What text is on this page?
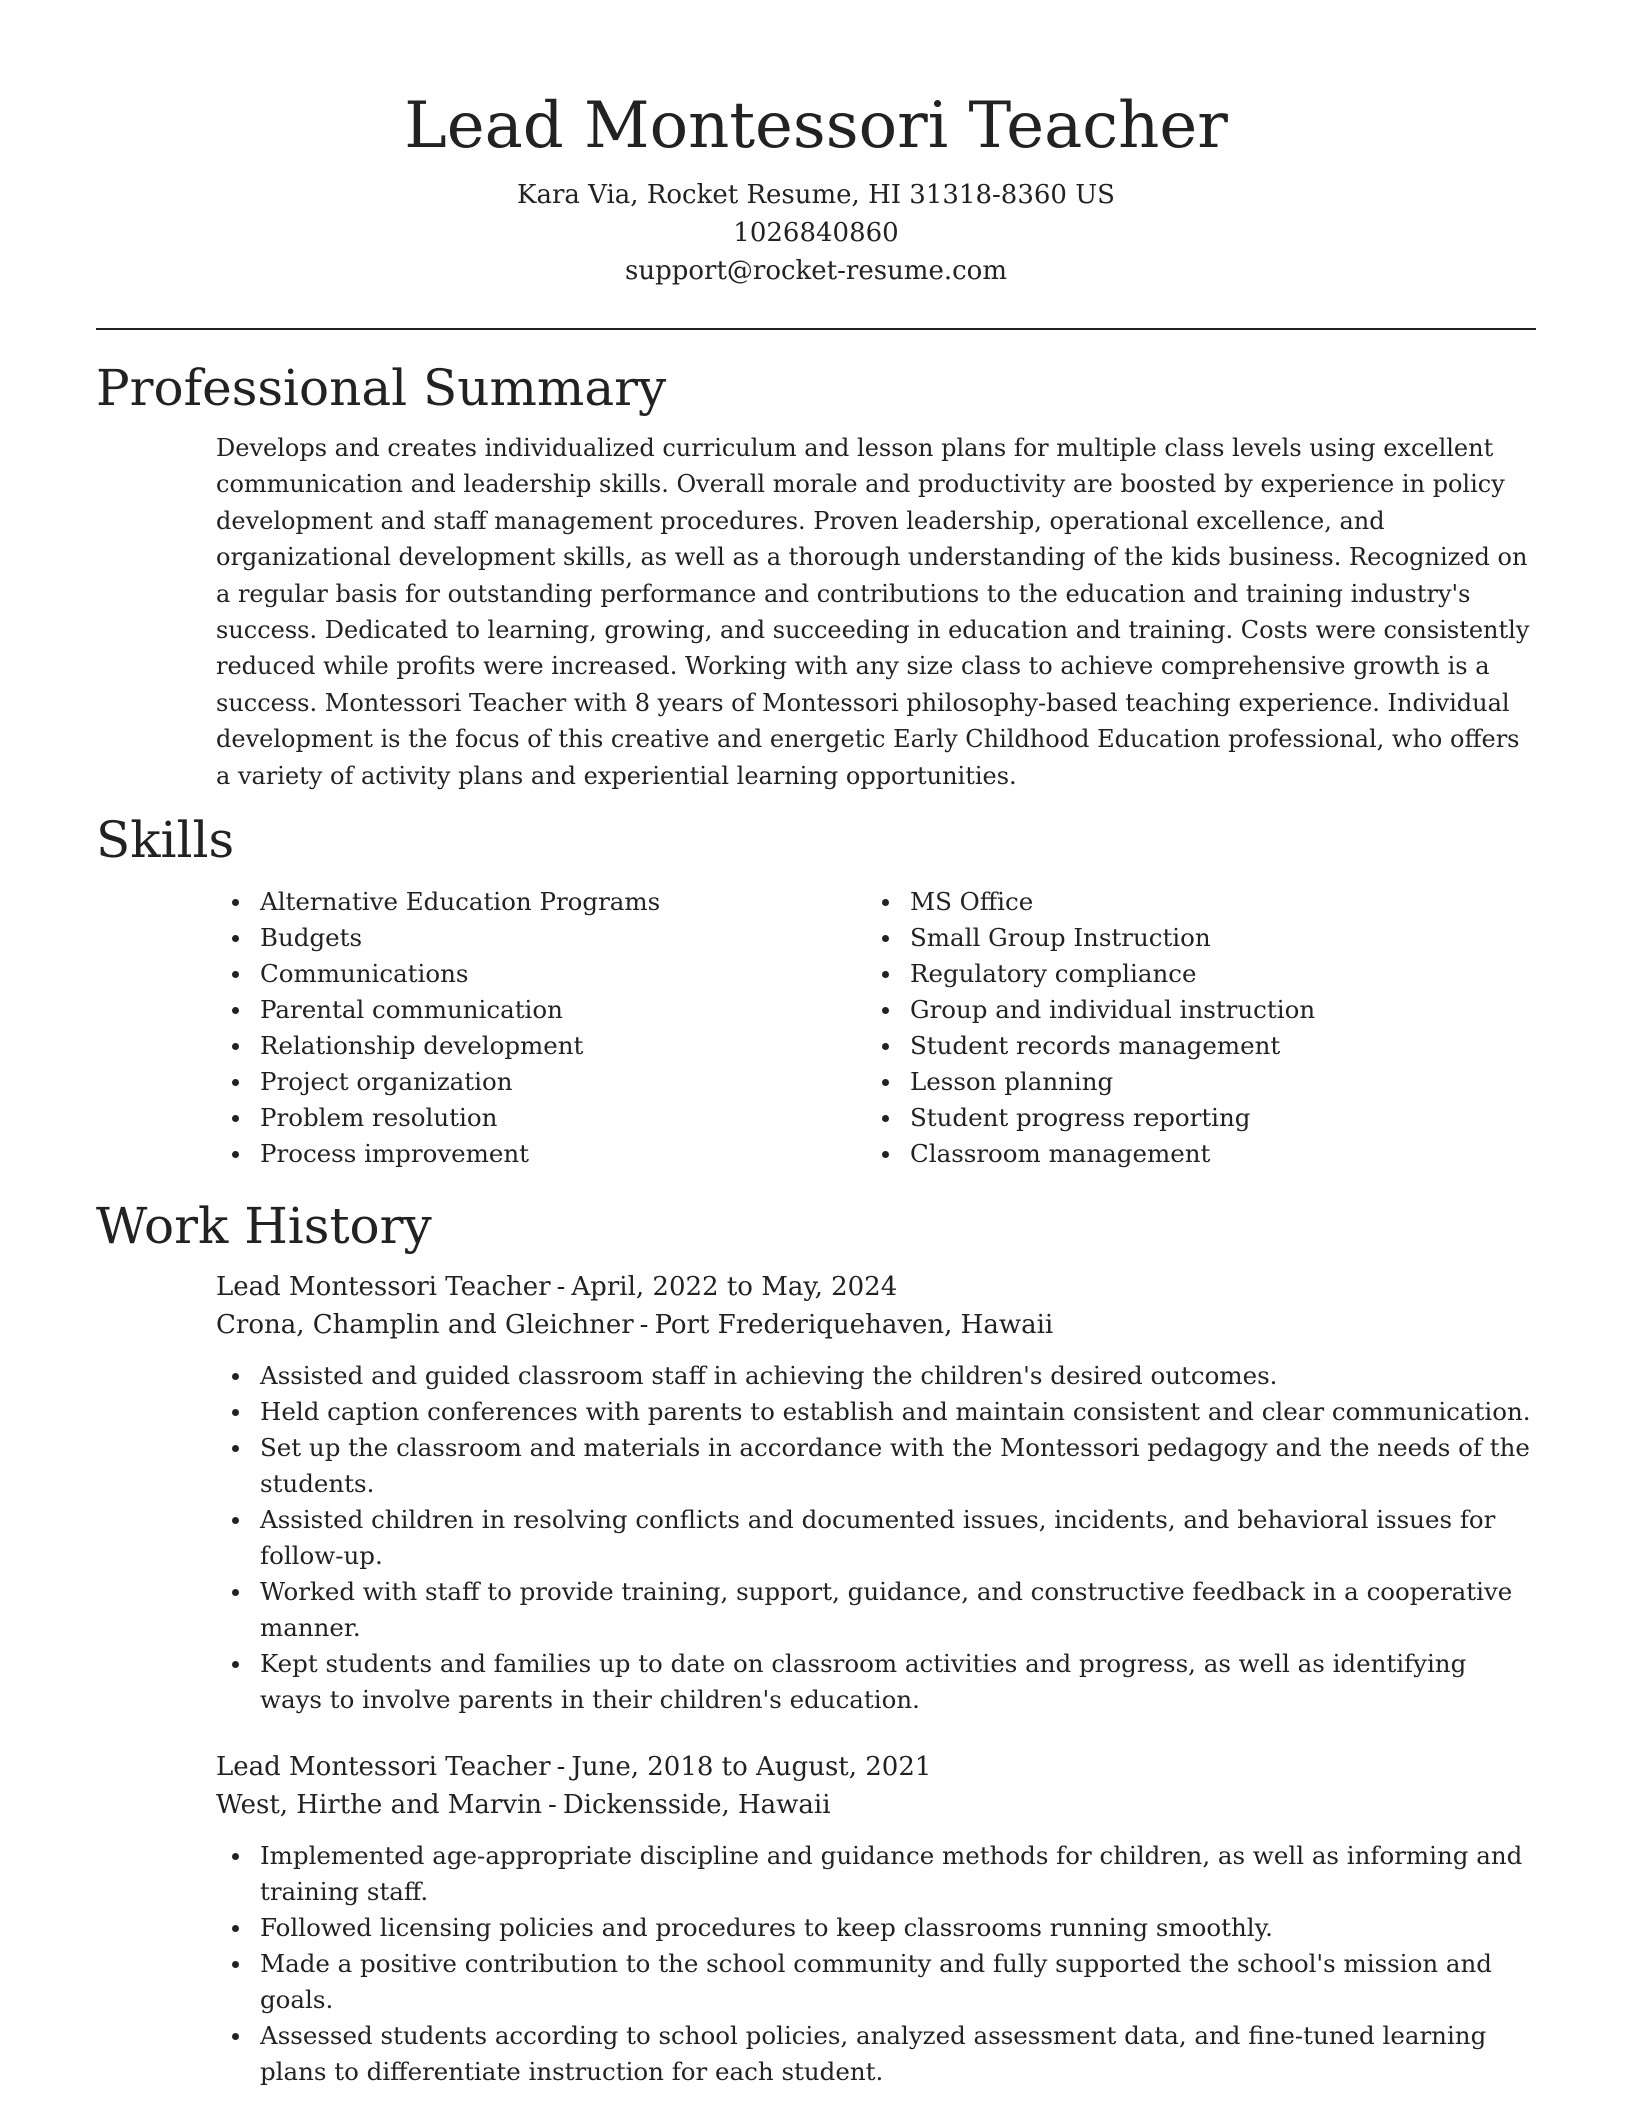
Lead Montessori Teacher

Kara Via, Rocket Resume, HI 31318-8360 US

1026840860

support@rocket-resume.com

Professional Summary

Develops and creates individualized curriculum and lesson plans for multiple class levels using excellent communication and leadership skills. Overall morale and productivity are boosted by experience in policy development and staff management procedures. Proven leadership, operational excellence, and organizational development skills, as well as a thorough understanding of the kids business. Recognized on a regular basis for outstanding performance and contributions to the education and training industry's success. Dedicated to learning, growing, and succeeding in education and training. Costs were consistently reduced while profits were increased. Working with any size class to achieve comprehensive growth is a success. Montessori Teacher with 8 years of Montessori philosophy-based teaching experience. Individual development is the focus of this creative and energetic Early Childhood Education professional, who offers a variety of activity plans and experiential learning opportunities.

Skills
Alternative Education Programs
Budgets
Communications
Parental communication
Relationship development
Project organization
Problem resolution
Process improvement
MS Office
Small Group Instruction
Regulatory compliance
Group and individual instruction
Student records management
Lesson planning
Student progress reporting
Classroom management
Work History

Lead Montessori Teacher - April, 2022 to May, 2024

Crona, Champlin and Gleichner - Port Frederiquehaven, Hawaii

Assisted and guided classroom staff in achieving the children's desired outcomes.
Held caption conferences with parents to establish and maintain consistent and clear communication.
Set up the classroom and materials in accordance with the Montessori pedagogy and the needs of the students.
Assisted children in resolving conflicts and documented issues, incidents, and behavioral issues for follow-up.
Worked with staff to provide training, support, guidance, and constructive feedback in a cooperative manner.
Kept students and families up to date on classroom activities and progress, as well as identifying ways to involve parents in their children's education.

Lead Montessori Teacher - June, 2018 to August, 2021

West, Hirthe and Marvin - Dickensside, Hawaii

Implemented age-appropriate discipline and guidance methods for children, as well as informing and training staff.
Followed licensing policies and procedures to keep classrooms running smoothly.
Made a positive contribution to the school community and fully supported the school's mission and goals.
Assessed students according to school policies, analyzed assessment data, and fine-tuned learning plans to differentiate instruction for each student.
